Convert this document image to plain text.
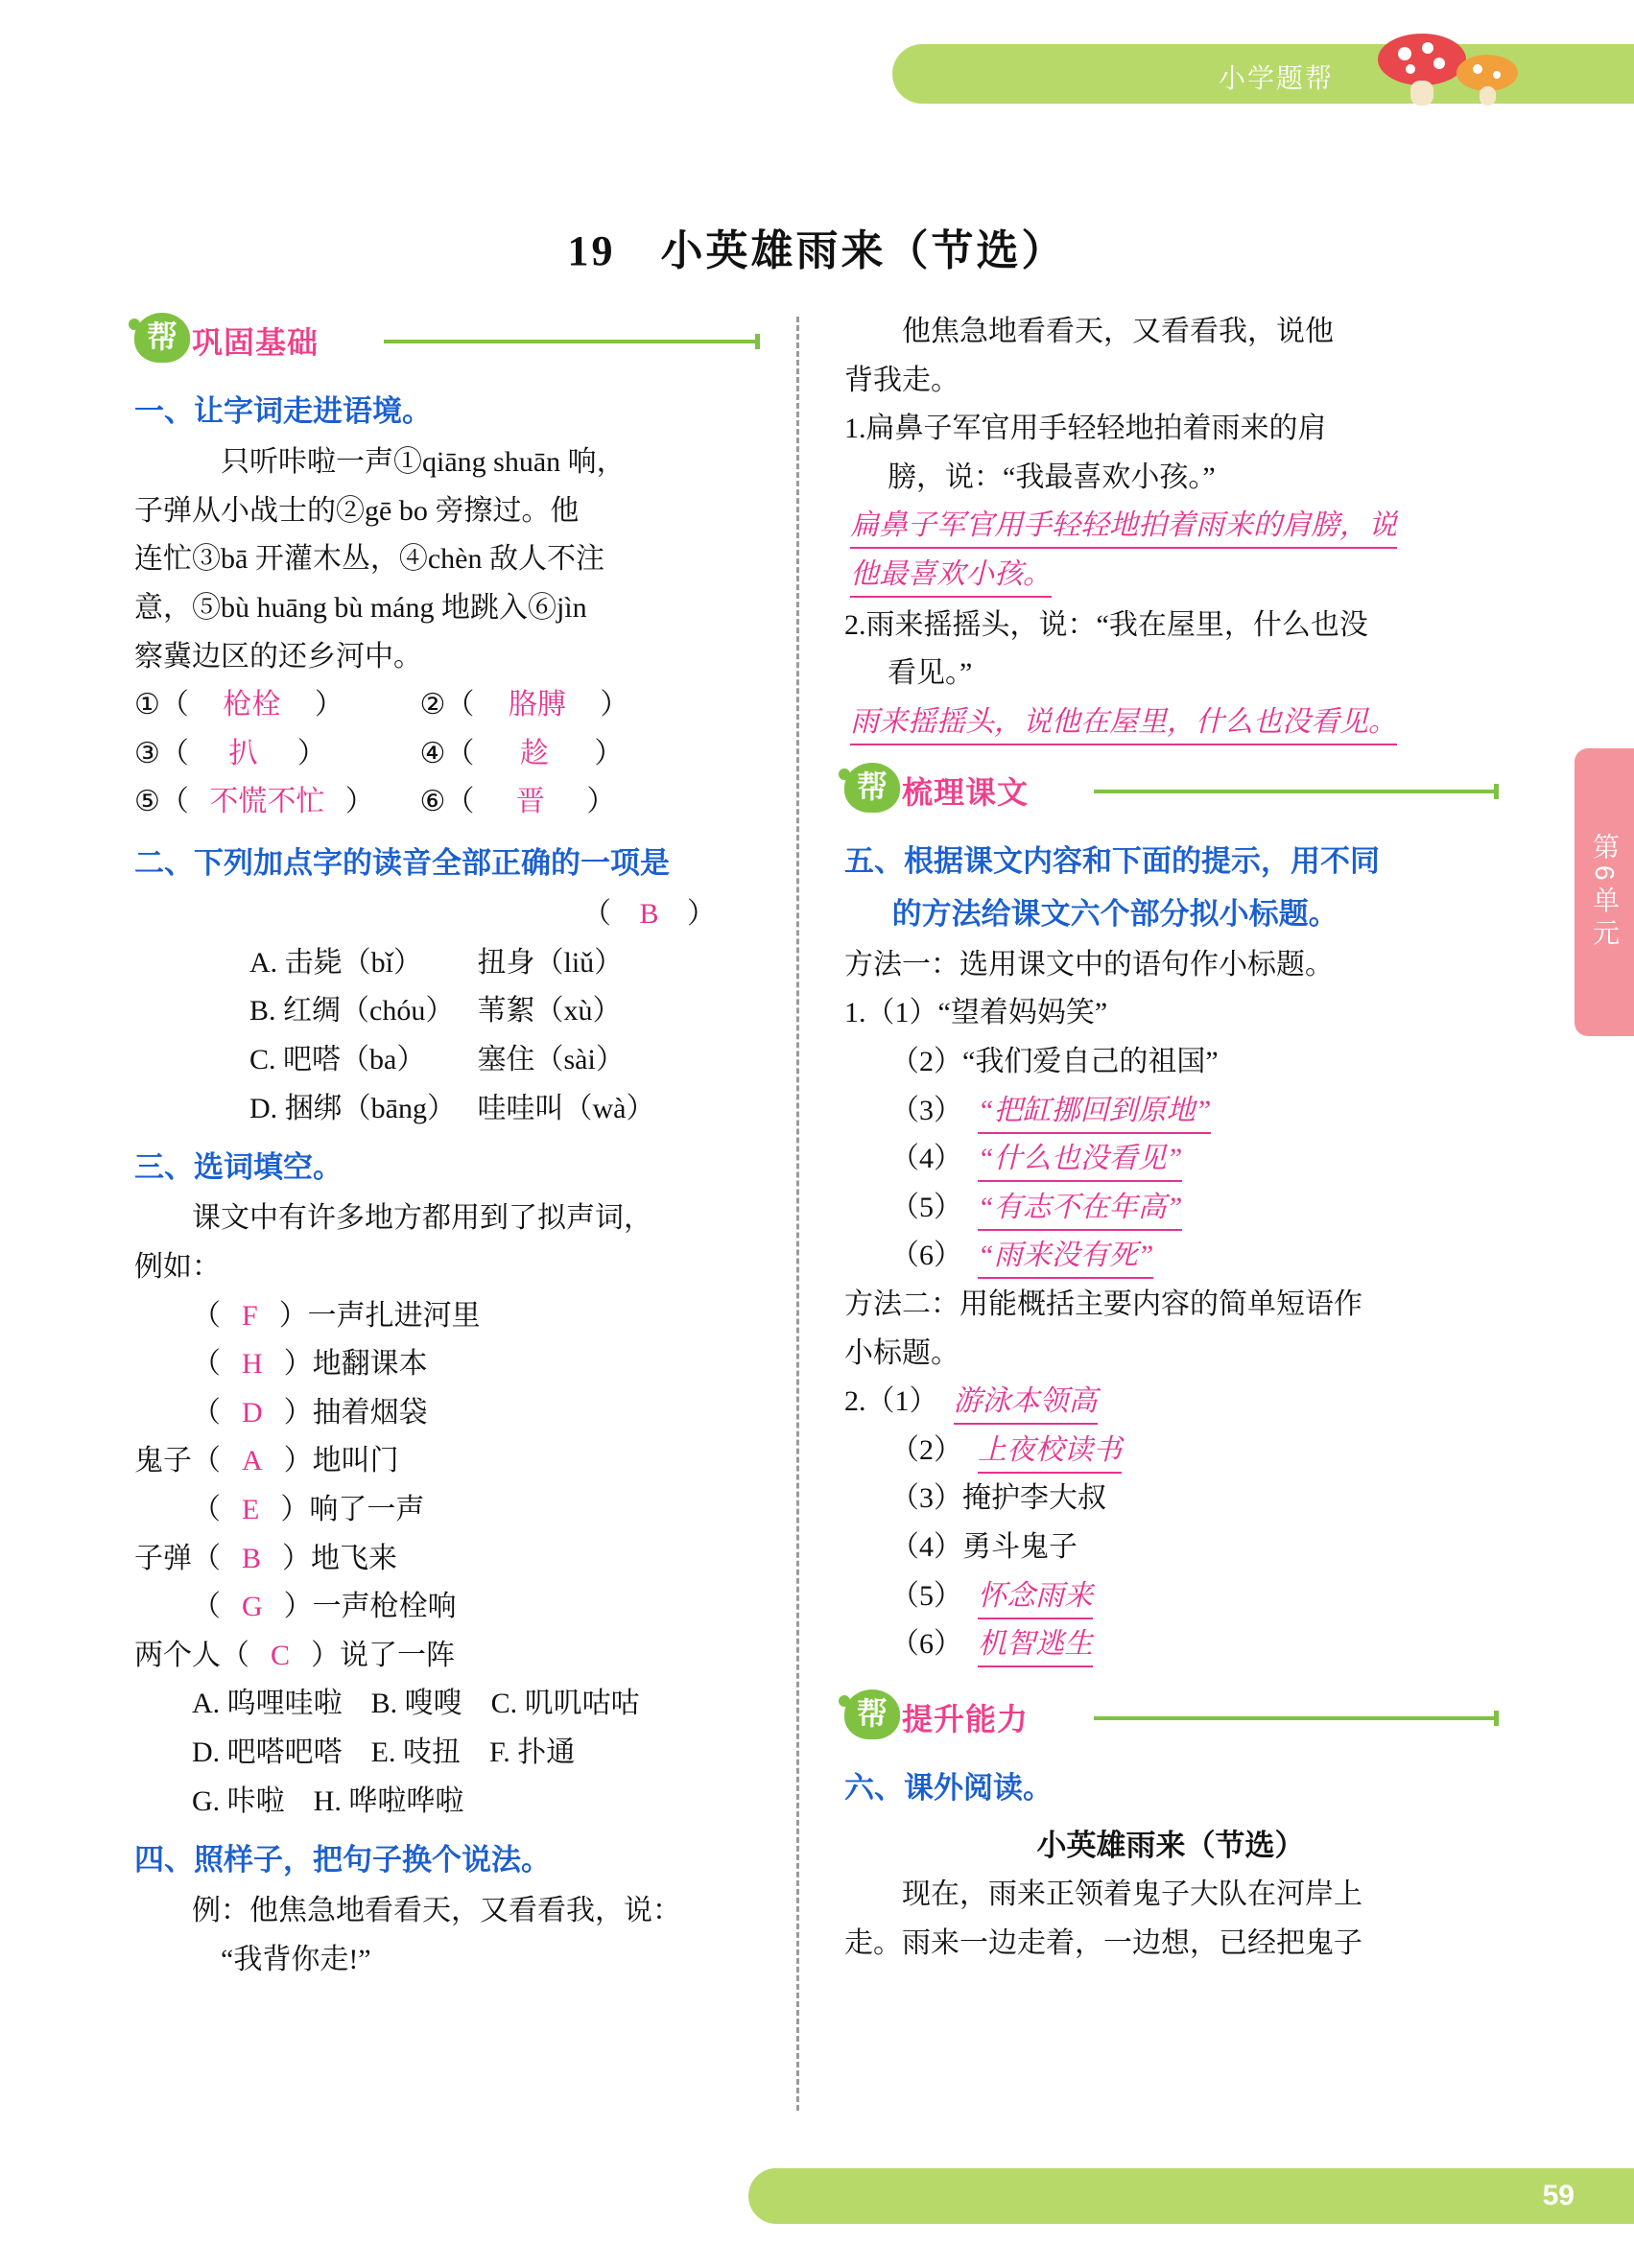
小学题帮
19　小英雄雨来（节选）
帮 巩固基础
一、让字词走进语境。
只听咔啦一声①qiāng shuān 响，
子弹从小战士的②gē bo 旁擦过。他
连忙③bā 开灌木丛，④chèn 敌人不注
意，⑤bù huāng bù máng 地跳入⑥jìn
察冀边区的还乡河中。
①（ 枪栓 ）	②（ 胳膊 ）
③（ 扒 ）	④（ 趁 ）
⑤（ 不慌不忙 ） ⑥（ 晋 ）
二、下列加点字的读音全部正确的一项是
（ B ）
A. 击毙（bǐ） 扭身（liǔ）
B. 红绸（chóu） 苇絮（xù）
C. 吧嗒（ba） 塞住（sài）
D. 捆绑（bāng） 哇哇叫（wà）
三、选词填空。
课文中有许多地方都用到了拟声词，
例如：
（ F ）一声扎进河里
（ H ）地翻课本
（ D ）抽着烟袋
鬼子（ A ）地叫门
（ E ）响了一声
子弹（ B ）地飞来
（ G ）一声枪栓响
两个人（ C ）说了一阵
A. 呜哩哇啦　B. 嗖嗖　C. 叽叽咕咕
D. 吧嗒吧嗒　E. 吱扭　F. 扑通
G. 咔啦　H. 哗啦哗啦
四、照样子，把句子换个说法。
例：他焦急地看看天，又看看我，说：
“我背你走!”
他焦急地看看天，又看看我，说他
背我走。
1.扁鼻子军官用手轻轻地拍着雨来的肩
膀，说：“我最喜欢小孩。”
扁鼻子军官用手轻轻地拍着雨来的肩膀，说
他最喜欢小孩。
2.雨来摇摇头，说：“我在屋里，什么也没
看见。”
雨来摇摇头，说他在屋里，什么也没看见。
帮 梳理课文
五、根据课文内容和下面的提示，用不同
的方法给课文六个部分拟小标题。
方法一：选用课文中的语句作小标题。
1.（1）“望着妈妈笑”
（2）“我们爱自己的祖国”
（3） “把缸挪回到原地”
（4） “什么也没看见”
（5） “有志不在年高”
（6） “雨来没有死”
方法二：用能概括主要内容的简单短语作
小标题。
2.（1） 游泳本领高
（2） 上夜校读书
（3）掩护李大叔
（4）勇斗鬼子
（5） 怀念雨来
（6） 机智逃生
帮 提升能力
六、课外阅读。
小英雄雨来（节选）
现在，雨来正领着鬼子大队在河岸上
走。雨来一边走着，一边想，已经把鬼子
第6单元
59
